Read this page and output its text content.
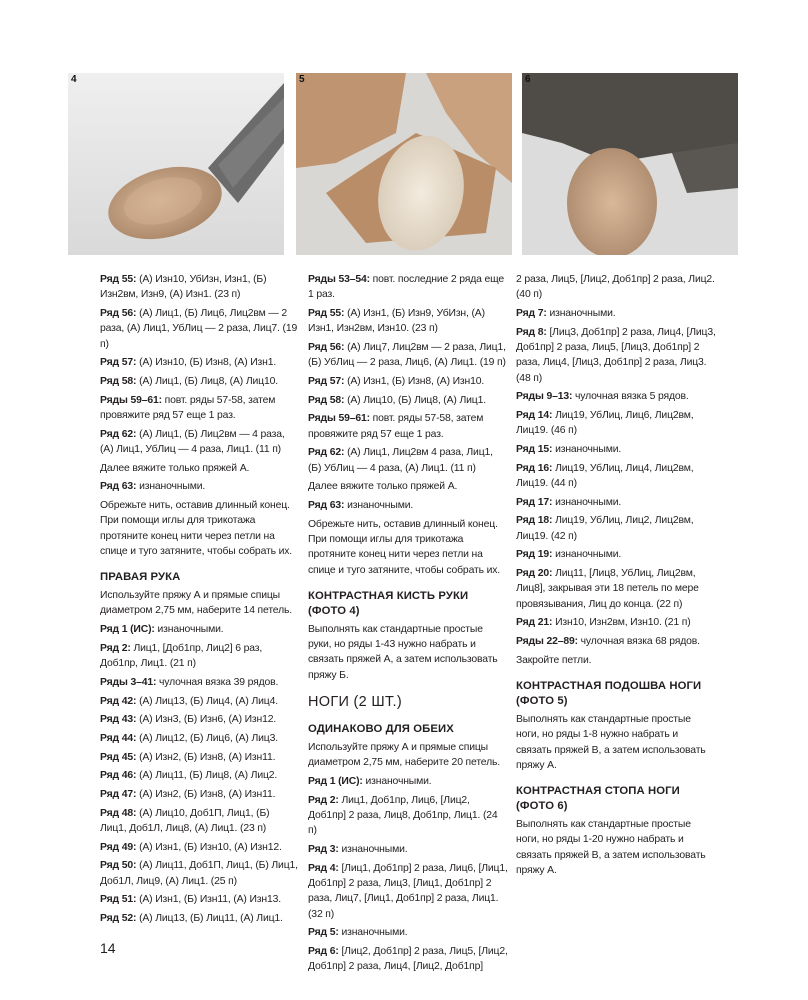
4	5	6

Ряд 55: (А) Изн10, УбИзн, Изн1, (Б) Изн2вм, Изн9, (А) Изн1. (23 п)

Ряд 56: (А) Лиц1, (Б) Лиц6, Лиц2вм — 2 раза, (А) Лиц1, УбЛиц — 2 раза, Лиц7. (19 п)

Ряд 57: (А) Изн10, (Б) Изн8, (А) Изн1.

Ряд 58: (А) Лиц1, (Б) Лиц8, (А) Лиц10.

Ряды 59–61: повт. ряды 57-58, затем провяжите ряд 57 еще 1 раз.

Ряд 62: (А) Лиц1, (Б) Лиц2вм — 4 раза, (А) Лиц1, УбЛиц — 4 раза, Лиц1. (11 п)

Далее вяжите только пряжей А.

Ряд 63: изнаночными.

Обрежьте нить, оставив длинный конец. При помощи иглы для трикотажа протяните конец нити через петли на спице и туго затяните, чтобы собрать их.

ПРАВАЯ РУКА

Используйте пряжу А и прямые спицы диаметром 2,75 мм, наберите 14 петель.

Ряд 1 (ИС): изнаночными.

Ряд 2: Лиц1, [Доб1пр, Лиц2] 6 раз, Доб1пр, Лиц1. (21 п)

Ряды 3–41: чулочная вязка 39 рядов.

Ряд 42: (А) Лиц13, (Б) Лиц4, (А) Лиц4.

Ряд 43: (А) Изн3, (Б) Изн6, (А) Изн12.

Ряд 44: (А) Лиц12, (Б) Лиц6, (А) Лиц3.

Ряд 45: (А) Изн2, (Б) Изн8, (А) Изн11.

Ряд 46: (А) Лиц11, (Б) Лиц8, (А) Лиц2.

Ряд 47: (А) Изн2, (Б) Изн8, (А) Изн11.

Ряд 48: (А) Лиц10, Доб1П, Лиц1, (Б) Лиц1, Доб1Л, Лиц8, (А) Лиц1. (23 п)

Ряд 49: (А) Изн1, (Б) Изн10, (А) Изн12.

Ряд 50: (А) Лиц11, Доб1П, Лиц1, (Б) Лиц1, Доб1Л, Лиц9, (А) Лиц1. (25 п)

Ряд 51: (А) Изн1, (Б) Изн11, (А) Изн13.

Ряд 52: (А) Лиц13, (Б) Лиц11, (А) Лиц1.

Ряды 53–54: повт. последние 2 ряда еще 1 раз.

Ряд 55: (А) Изн1, (Б) Изн9, УбИзн, (А) Изн1, Изн2вм, Изн10. (23 п)

Ряд 56: (А) Лиц7, Лиц2вм — 2 раза, Лиц1, (Б) УбЛиц — 2 раза, Лиц6, (А) Лиц1. (19 п)

Ряд 57: (А) Изн1, (Б) Изн8, (А) Изн10.

Ряд 58: (А) Лиц10, (Б) Лиц8, (А) Лиц1.

Ряды 59–61: повт. ряды 57-58, затем провяжите ряд 57 еще 1 раз.

Ряд 62: (А) Лиц1, Лиц2вм 4 раза, Лиц1, (Б) УбЛиц — 4 раза, (А) Лиц1. (11 п)

Далее вяжите только пряжей А.

Ряд 63: изнаночными.

Обрежьте нить, оставив длинный конец. При помощи иглы для трикотажа протяните конец нити через петли на спице и туго затяните, чтобы собрать их.

КОНТРАСТНАЯ КИСТЬ РУКИ (ФОТО 4)

Выполнять как стандартные простые руки, но ряды 1-43 нужно набрать и связать пряжей А, а затем использовать пряжу Б.

НОГИ (2 ШТ.)
ОДИНАКОВО ДЛЯ ОБЕИХ

Используйте пряжу А и прямые спицы диаметром 2,75 мм, наберите 20 петель.

Ряд 1 (ИС): изнаночными.

Ряд 2: Лиц1, Доб1пр, Лиц6, [Лиц2, Доб1пр] 2 раза, Лиц8, Доб1пр, Лиц1. (24 п)

Ряд 3: изнаночными.

Ряд 4: [Лиц1, Доб1пр] 2 раза, Лиц6, [Лиц1, Доб1пр] 2 раза, Лиц3, [Лиц1, Доб1пр] 2 раза, Лиц7, [Лиц1, Доб1пр] 2 раза, Лиц1. (32 п)

Ряд 5: изнаночными.

Ряд 6: [Лиц2, Доб1пр] 2 раза, Лиц5, [Лиц2, Доб1пр] 2 раза, Лиц4, [Лиц2, Доб1пр]

2 раза, Лиц5, [Лиц2, Доб1пр] 2 раза, Лиц2. (40 п)

Ряд 7: изнаночными.

Ряд 8: [Лиц3, Доб1пр] 2 раза, Лиц4, [Лиц3, Доб1пр] 2 раза, Лиц5, [Лиц3, Доб1пр] 2 раза, Лиц4, [Лиц3, Доб1пр] 2 раза, Лиц3. (48 п)

Ряды 9–13: чулочная вязка 5 рядов.

Ряд 14: Лиц19, УбЛиц, Лиц6, Лиц2вм, Лиц19. (46 п)

Ряд 15: изнаночными.

Ряд 16: Лиц19, УбЛиц, Лиц4, Лиц2вм, Лиц19. (44 п)

Ряд 17: изнаночными.

Ряд 18: Лиц19, УбЛиц, Лиц2, Лиц2вм, Лиц19. (42 п)

Ряд 19: изнаночными.

Ряд 20: Лиц11, [Лиц8, УбЛиц, Лиц2вм, Лиц8], закрывая эти 18 петель по мере провязывания, Лиц до конца. (22 п)

Ряд 21: Изн10, Изн2вм, Изн10. (21 п)

Ряды 22–89: чулочная вязка 68 рядов.

Закройте петли.

КОНТРАСТНАЯ ПОДОШВА НОГИ (ФОТО 5)

Выполнять как стандартные простые ноги, но ряды 1-8 нужно набрать и связать пряжей В, а затем использовать пряжу А.

КОНТРАСТНАЯ СТОПА НОГИ (ФОТО 6)

Выполнять как стандартные простые ноги, но ряды 1-20 нужно набрать и связать пряжей В, а затем использовать пряжу А.

14
